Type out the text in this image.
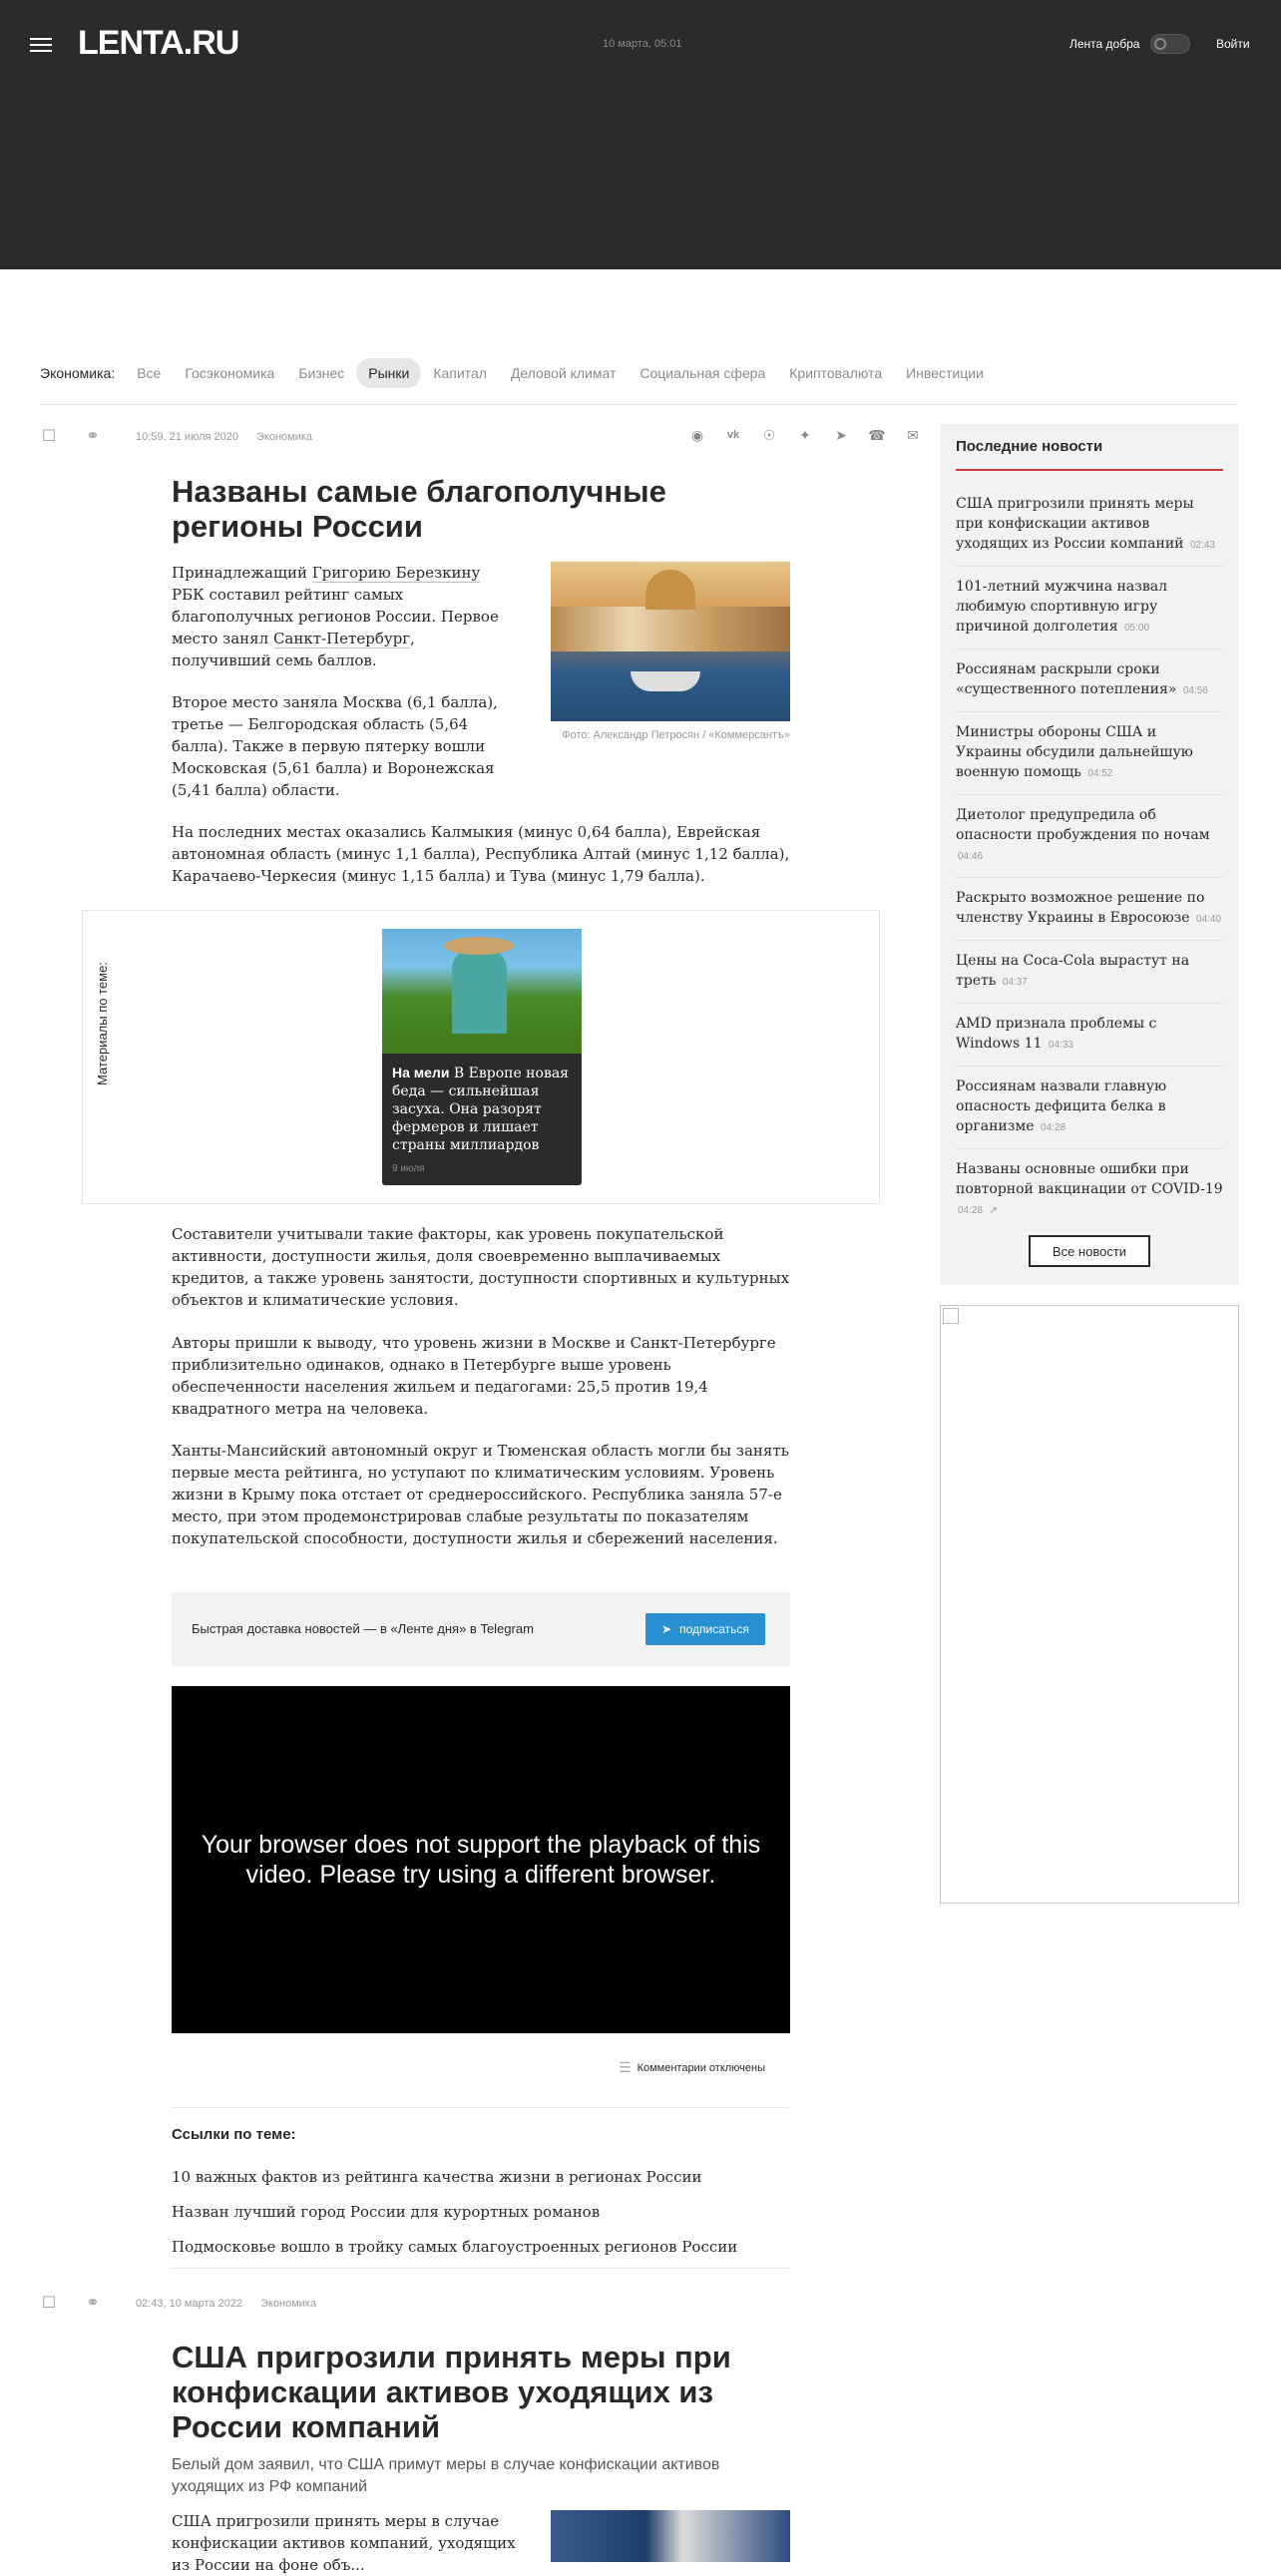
LENTA.RU	10 марта, 05:01	Лента добра	Войти
Экономика:	Все	Госэкономика	Бизнес	Рынки	Капитал	Деловой климат	Социальная сфера	Криптовалюта	Инвестиции
☐ ⚭	10:59, 21 июля 2020 Экономика	◉ vk ☉ ✦ ➤ ☎ ✉
Названы самые благополучные регионы России
Принадлежащий Григорию Березкину РБК составил рейтинг самых благополучных регионов России. Первое место занял Санкт-Петербург, получивший семь баллов.
Фото: Александр Петросян / «Коммерсантъ»
Второе место заняла Москва (6,1 балла), третье — Белгородская область (5,64 балла). Также в первую пятерку вошли Московская (5,61 балла) и Воронежская (5,41 балла) области.
На последних местах оказались Калмыкия (минус 0,64 балла), Еврейская автономная область (минус 1,1 балла), Республика Алтай (минус 1,12 балла), Карачаево-Черкесия (минус 1,15 балла) и Тува (минус 1,79 балла).
Материалы по теме:	На мели В Европе новая беда — сильнейшая засуха. Она разорят фермеров и лишает страны миллиардов
9 июля
Составители учитывали такие факторы, как уровень покупательской активности, доступности жилья, доля своевременно выплачиваемых кредитов, а также уровень занятости, доступности спортивных и культурных объектов и климатические условия.
Авторы пришли к выводу, что уровень жизни в Москве и Санкт-Петербурге приблизительно одинаков, однако в Петербурге выше уровень обеспеченности населения жильем и педагогами: 25,5 против 19,4 квадратного метра на человека.
Ханты-Мансийский автономный округ и Тюменская область могли бы занять первые места рейтинга, но уступают по климатическим условиям. Уровень жизни в Крыму пока отстает от среднероссийского. Республика заняла 57-е место, при этом продемонстрировав слабые результаты по показателям покупательской способности, доступности жилья и сбережений населения.
Быстрая доставка новостей — в «Ленте дня» в Telegram	➤ подписаться
Your browser does not support the playback of this video. Please try using a different browser.
☰ Комментарии отключены
Ссылки по теме:
10 важных фактов из рейтинга качества жизни в регионах России
Назван лучший город России для курортных романов
Подмосковье вошло в тройку самых благоустроенных регионов России
☐ ⚭	02:43, 10 марта 2022 Экономика
США пригрозили принять меры при конфискации активов уходящих из России компаний
Белый дом заявил, что США примут меры в случае конфискации активов уходящих из РФ компаний
США пригрозили принять меры в случае конфискации активов компаний, уходящих из России на фоне объ...
Последние новости
США пригрозили принять меры при конфискации активов уходящих из России компаний 02:43
101-летний мужчина назвал любимую спортивную игру причиной долголетия 05:00
Россиянам раскрыли сроки «существенного потепления» 04:56
Министры обороны США и Украины обсудили дальнейшую военную помощь 04:52
Диетолог предупредила об опасности пробуждения по ночам 04:46
Раскрыто возможное решение по членству Украины в Евросоюзе 04:40
Цены на Coca-Cola вырастут на треть 04:37
AMD признала проблемы с Windows 11 04:33
Россиянам назвали главную опасность дефицита белка в организме 04:28
Названы основные ошибки при повторной вакцинации от COVID-19 04:28 ↗
Все новости
